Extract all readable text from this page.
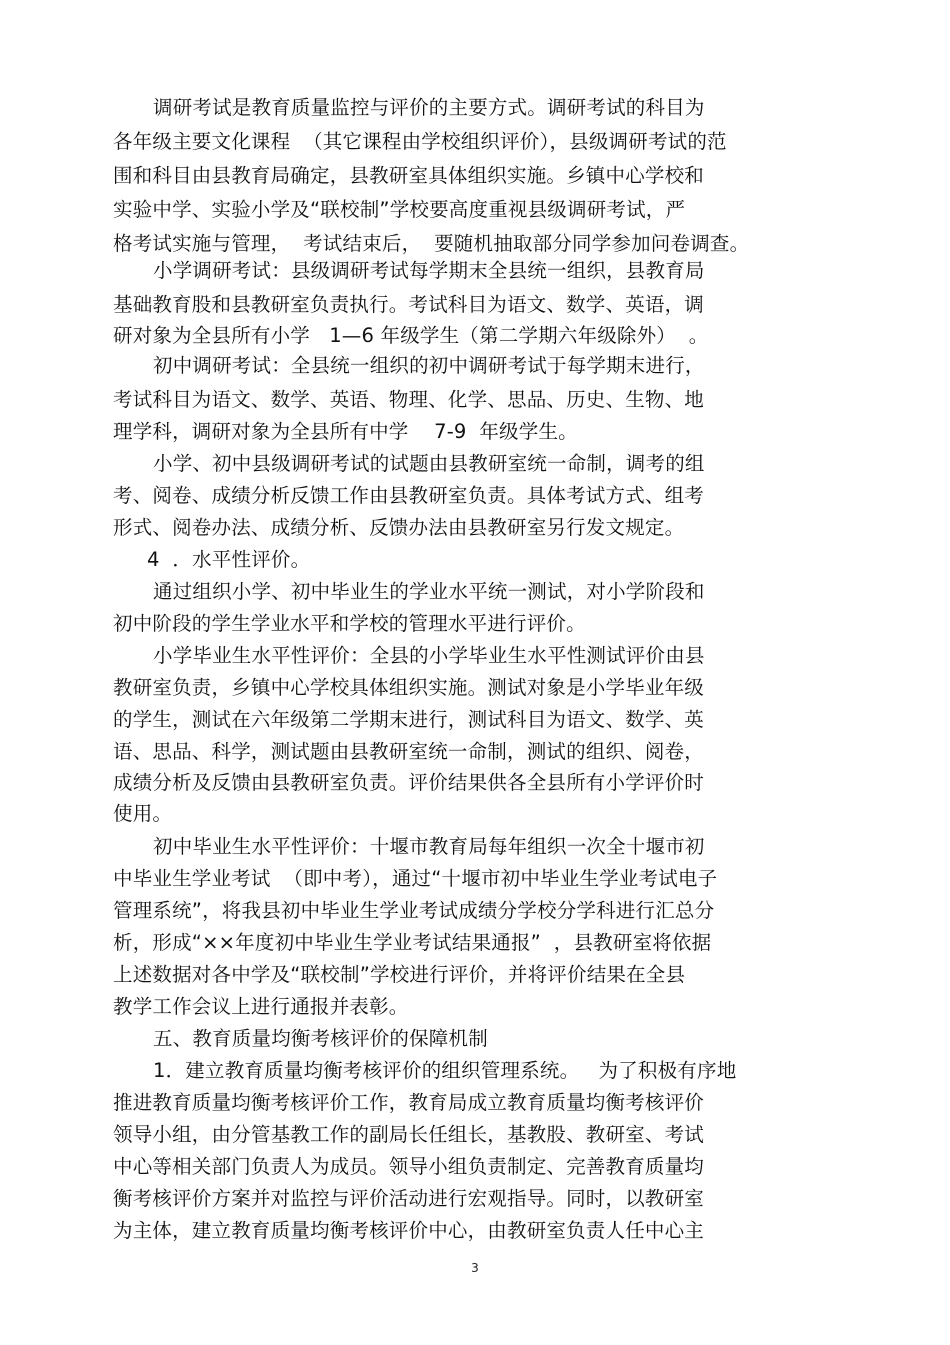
调研考试是教育质量监控与评价的主要方式。调研考试的科目为
各年级主要文化课程  （其它课程由学校组织评价），县级调研考试的范
围和科目由县教育局确定，县教研室具体组织实施。乡镇中心学校和
实验中学、实验小学及“联校制”学校要高度重视县级调研考试，严
格考试实施与管理，  考试结束后，  要随机抽取部分同学参加问卷调查。
小学调研考试：县级调研考试每学期末全县统一组织，县教育局
基础教育股和县教研室负责执行。考试科目为语文、数学、英语，调
研对象为全县所有小学   1—6 年级学生（第二学期六年级除外）  。
初中调研考试：全县统一组织的初中调研考试于每学期末进行，
考试科目为语文、数学、英语、物理、化学、思品、历史、生物、地
理学科，调研对象为全县所有中学    7-9  年级学生。
小学、初中县级调研考试的试题由县教研室统一命制，调考的组
考、阅卷、成绩分析反馈工作由县教研室负责。具体考试方式、组考
形式、阅卷办法、成绩分析、反馈办法由县教研室另行发文规定。
4  ．水平性评价。
通过组织小学、初中毕业生的学业水平统一测试，对小学阶段和
初中阶段的学生学业水平和学校的管理水平进行评价。
小学毕业生水平性评价：全县的小学毕业生水平性测试评价由县
教研室负责，乡镇中心学校具体组织实施。测试对象是小学毕业年级
的学生，测试在六年级第二学期末进行，测试科目为语文、数学、英
语、思品、科学，测试题由县教研室统一命制，测试的组织、阅卷，
成绩分析及反馈由县教研室负责。评价结果供各全县所有小学评价时
使用。
初中毕业生水平性评价：十堰市教育局每年组织一次全十堰市初
中毕业生学业考试  （即中考），通过“十堰市初中毕业生学业考试电子
管理系统”，将我县初中毕业生学业考试成绩分学校分学科进行汇总分
析，形成“××年度初中毕业生学业考试结果通报”  ，县教研室将依据
上述数据对各中学及“联校制”学校进行评价，并将评价结果在全县
教学工作会议上进行通报并表彰。
五、教育质量均衡考核评价的保障机制
1．建立教育质量均衡考核评价的组织管理系统。   为了积极有序地
推进教育质量均衡考核评价工作，教育局成立教育质量均衡考核评价
领导小组，由分管基教工作的副局长任组长，基教股、教研室、考试
中心等相关部门负责人为成员。领导小组负责制定、完善教育质量均
衡考核评价方案并对监控与评价活动进行宏观指导。同时，以教研室
为主体，建立教育质量均衡考核评价中心，由教研室负责人任中心主
3
